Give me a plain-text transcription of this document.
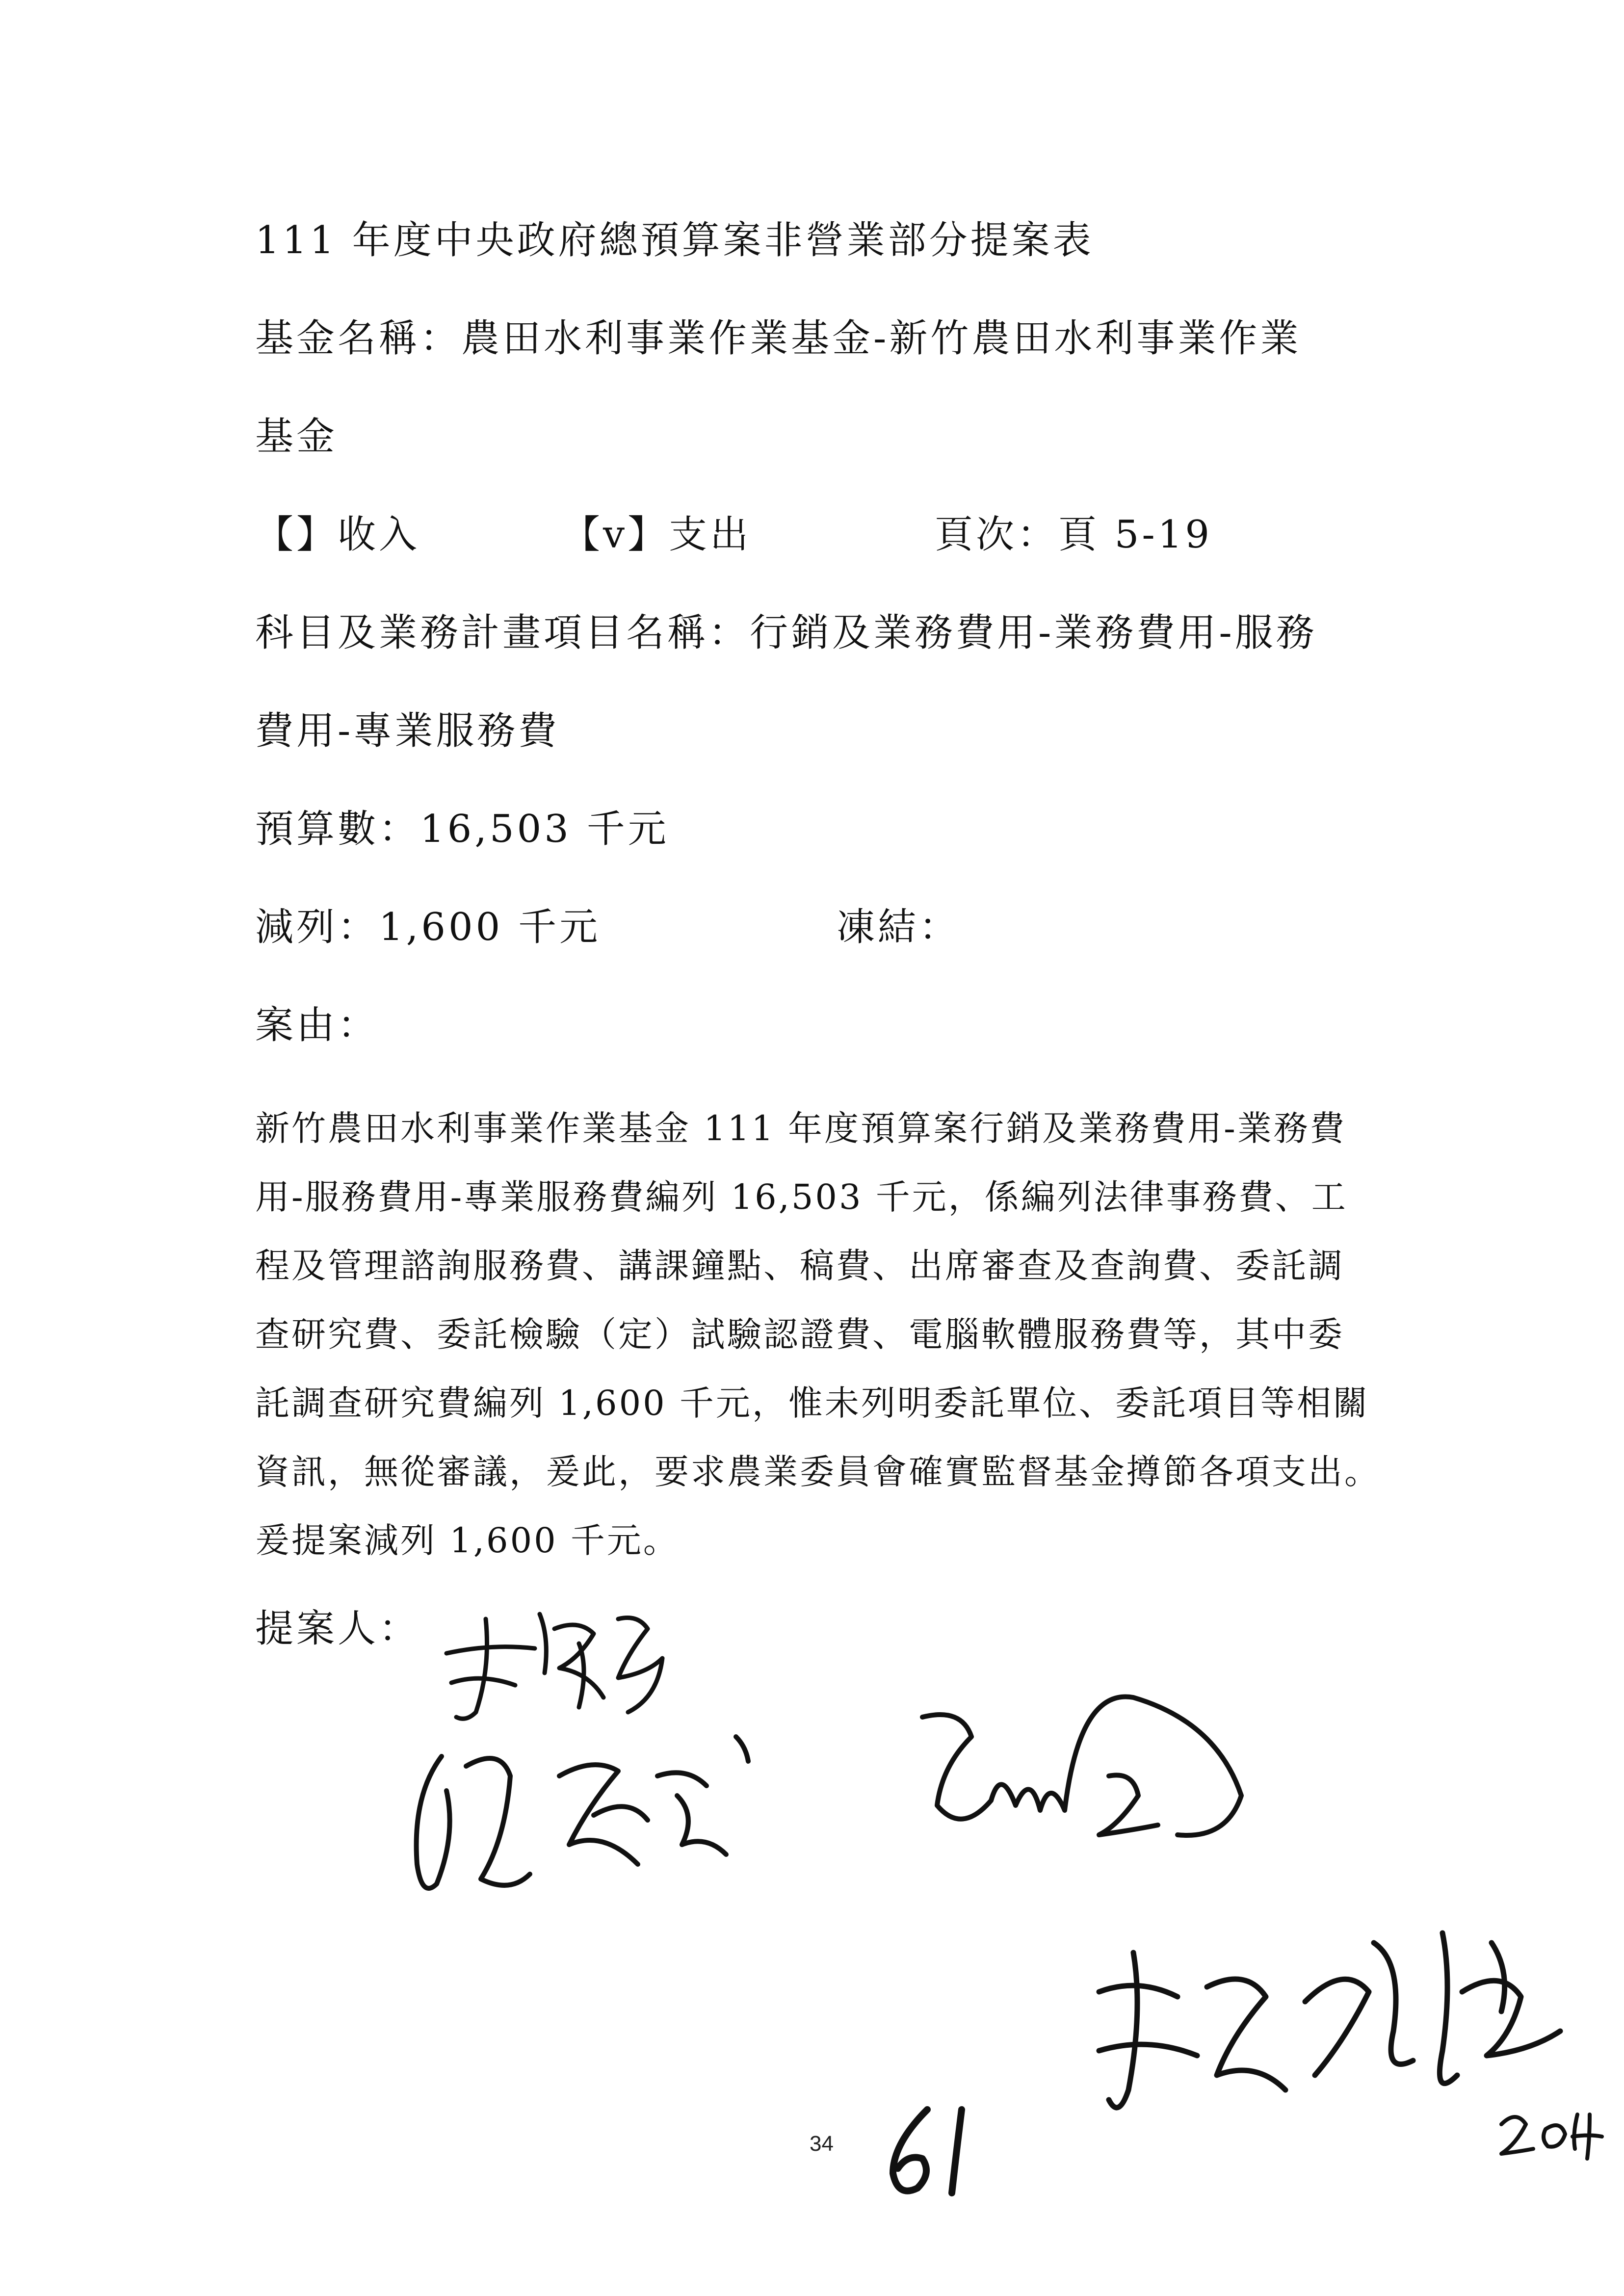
111 年度中央政府總預算案非營業部分提案表
基金名稱：農田水利事業作業基金-新竹農田水利事業作業
基金
【】收入	【v】支出	頁次：頁 5-19
科目及業務計畫項目名稱：行銷及業務費用-業務費用-服務
費用-專業服務費
預算數：16,503 千元
減列：1,600 千元	凍結：
案由：
新竹農田水利事業作業基金 111 年度預算案行銷及業務費用-業務費
用-服務費用-專業服務費編列 16,503 千元，係編列法律事務費、工
程及管理諮詢服務費、講課鐘點、稿費、出席審查及查詢費、委託調
查研究費、委託檢驗（定）試驗認證費、電腦軟體服務費等，其中委
託調查研究費編列 1,600 千元，惟未列明委託單位、委託項目等相關
資訊，無從審議，爰此，要求農業委員會確實監督基金撙節各項支出。
爰提案減列 1,600 千元。
提案人：
34
